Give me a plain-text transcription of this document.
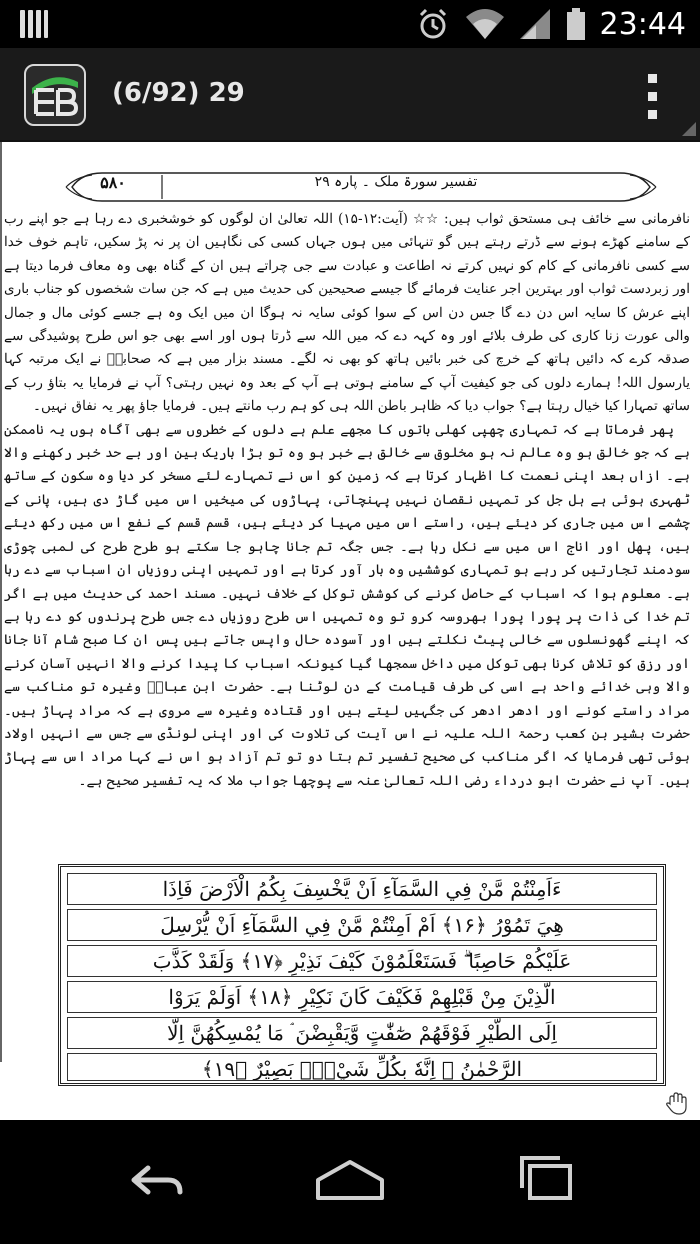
23:44
(6/92) 29
تفسیر سورۃ ملک ۔ پارہ ۲۹
۵۸۰

نافرمانی سے خائف ہی مستحق ثواب ہیں: ☆☆ (آیت:١٢-١۵) اللہ تعالیٰ ان لوگوں کو خوشخبری دے رہا ہے جو اپنے رب کے سامنے کھڑے ہونے سے ڈرتے رہتے ہیں گو تنہائی میں ہوں جہاں کسی کی نگاہیں ان پر نہ پڑ سکیں، تاہم خوف خدا سے کسی نافرمانی کے کام کو نہیں کرتے نہ اطاعت و عبادت سے جی چراتے ہیں ان کے گناہ بھی وہ معاف فرما دیتا ہے اور زبردست ثواب اور بہترین اجر عنایت فرمائے گا جیسے صحیحین کی حدیث میں ہے کہ جن سات شخصوں کو جناب باری اپنے عرش کا سایہ اس دن دے گا جس دن اس کے سوا کوئی سایہ نہ ہوگا ان میں ایک وہ ہے جسے کوئی مال و جمال والی عورت زنا کاری کی طرف بلائے اور وہ کہہ دے کہ میں اللہ سے ڈرتا ہوں اور اسے بھی جو اس طرح پوشیدگی سے صدقہ کرے کہ دائیں ہاتھ کے خرچ کی خبر بائیں ہاتھ کو بھی نہ لگے۔ مسند بزار میں ہے کہ صحابہؓ نے ایک مرتبہ کہا یارسول اللہ! ہمارے دلوں کی جو کیفیت آپ کے سامنے ہوتی ہے آپ کے بعد وہ نہیں رہتی؟ آپ نے فرمایا یہ بتاؤ رب کے ساتھ تمہارا کیا خیال رہتا ہے؟ جواب دیا کہ ظاہر باطن اللہ ہی کو ہم رب مانتے ہیں۔ فرمایا جاؤ پھر یہ نفاق نہیں۔

پھر فرماتا ہے کہ تمہاری چھپی کھلی باتوں کا مجھے علم ہے دلوں کے خطروں سے بھی آگاہ ہوں یہ ناممکن ہے کہ جو خالق ہو وہ عالم نہ ہو مخلوق سے خالق بے خبر ہو وہ تو بڑا باریک بین اور بے حد خبر رکھنے والا ہے۔ ازاں بعد اپنی نعمت کا اظہار کرتا ہے کہ زمین کو اس نے تمہارے لئے مسخر کر دیا وہ سکون کے ساتھ ٹھہری ہوئی ہے ہل جل کر تمہیں نقصان نہیں پہنچاتی، پہاڑوں کی میخیں اس میں گاڑ دی ہیں، پانی کے چشمے اس میں جاری کر دیئے ہیں، راستے اس میں مہیا کر دیئے ہیں، قسم قسم کے نفع اس میں رکھ دیئے ہیں، پھل اور اناج اس میں سے نکل رہا ہے۔ جس جگہ تم جانا چاہو جا سکتے ہو طرح طرح کی لمبی چوڑی سودمند تجارتیں کر رہے ہو تمہاری کوششیں وہ بار آور کرتا ہے اور تمہیں اپنی روزیاں ان اسباب سے دے رہا ہے۔ معلوم ہوا کہ اسباب کے حاصل کرنے کی کوشش توکل کے خلاف نہیں۔ مسند احمد کی حدیث میں ہے اگر تم خدا کی ذات پر پورا پورا بھروسہ کرو تو وہ تمہیں اس طرح روزیاں دے جس طرح پرندوں کو دے رہا ہے کہ اپنے گھونسلوں سے خالی پیٹ نکلتے ہیں اور آسودہ حال واپس جاتے ہیں پس ان کا صبح شام آنا جانا اور رزق کو تلاش کرنا بھی توکل میں داخل سمجھا گیا کیونکہ اسباب کا پیدا کرنے والا انہیں آسان کرنے والا وہی خدائے واحد ہے اسی کی طرف قیامت کے دن لوٹنا ہے۔ حضرت ابن عباسؓ وغیرہ تو مناکب سے مراد راستے کونے اور ادھر ادھر کی جگہیں لیتے ہیں اور قتادہ وغیرہ سے مروی ہے کہ مراد پہاڑ ہیں۔ حضرت بشیر بن کعب رحمۃ اللہ علیہ نے اس آیت کی تلاوت کی اور اپنی لونڈی سے جس سے انہیں اولاد ہوئی تھی فرمایا کہ اگر مناکب کی صحیح تفسیر تم بتا دو تو تم آزاد ہو اس نے کہا مراد اس سے پہاڑ ہیں۔ آپ نے حضرت ابو درداء رضی اللہ تعالیٰ عنہ سے پوچھا جواب ملا کہ یہ تفسیر صحیح ہے۔

ءَاَمِنْتُمْ مَّنْ فِي السَّمَآءِ اَنْ يَّخْسِفَ بِكُمُ الْاَرْضَ فَاِذَا
هِيَ تَمُوْرُ ﴿۱۶﴾ اَمْ اَمِنْتُمْ مَّنْ فِي السَّمَآءِ اَنْ يُّرْسِلَ
عَلَيْكُمْ حَاصِبًا ۗ فَسَتَعْلَمُوْنَ كَيْفَ نَذِيْرِ ﴿۱۷﴾ وَلَقَدْ كَذَّبَ
الَّذِيْنَ مِنْ قَبْلِهِمْ فَكَيْفَ كَانَ نَكِيْرِ ﴿۱۸﴾ اَوَلَمْ يَرَوْا
اِلَى الطَّيْرِ فَوْقَهُمْ صٰٓفّٰتٍ وَّيَقْبِضْنَ ۘ مَا يُمْسِكُهُنَّ اِلَّا
الرَّحْمٰنُ ۭ اِنَّهٗ بِكُلِّ شَيْءٍۢ بَصِيْرٌ ﴿۱۹﴾
